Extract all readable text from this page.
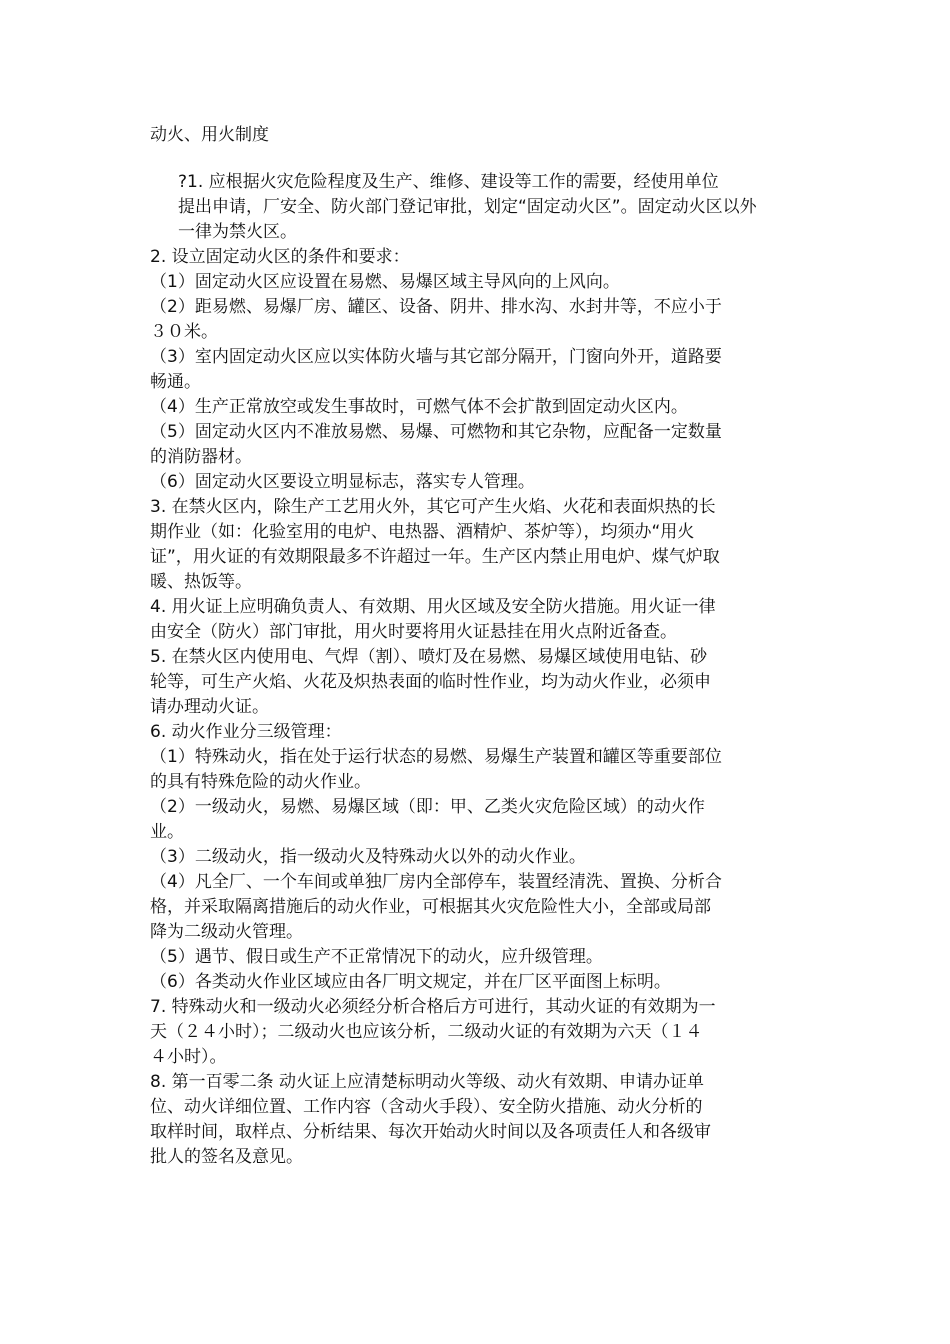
动火、用火制度

?1. 应根据火灾危险程度及生产、维修、建设等工作的需要，经使用单位
提出申请，厂安全、防火部门登记审批，划定“固定动火区”。固定动火区以外
一律为禁火区。

2. 设立固定动火区的条件和要求：

（1）固定动火区应设置在易燃、易爆区域主导风向的上风向。

（2）距易燃、易爆厂房、罐区、设备、阴井、排水沟、水封井等，不应小于
３０米。

（3）室内固定动火区应以实体防火墙与其它部分隔开，门窗向外开，道路要
畅通。

（4）生产正常放空或发生事故时，可燃气体不会扩散到固定动火区内。

（5）固定动火区内不准放易燃、易爆、可燃物和其它杂物，应配备一定数量
的消防器材。

（6）固定动火区要设立明显标志，落实专人管理。

3. 在禁火区内，除生产工艺用火外，其它可产生火焰、火花和表面炽热的长
期作业（如：化验室用的电炉、电热器、酒精炉、茶炉等），均须办“用火
证”，用火证的有效期限最多不许超过一年。生产区内禁止用电炉、煤气炉取
暖、热饭等。

4. 用火证上应明确负责人、有效期、用火区域及安全防火措施。用火证一律
由安全（防火）部门审批，用火时要将用火证悬挂在用火点附近备查。

5. 在禁火区内使用电、气焊（割）、喷灯及在易燃、易爆区域使用电钻、砂
轮等，可生产火焰、火花及炽热表面的临时性作业，均为动火作业，必须申
请办理动火证。

6. 动火作业分三级管理：

（1）特殊动火，指在处于运行状态的易燃、易爆生产装置和罐区等重要部位
的具有特殊危险的动火作业。

（2）一级动火，易燃、易爆区域（即：甲、乙类火灾危险区域）的动火作
业。

（3）二级动火，指一级动火及特殊动火以外的动火作业。

（4）凡全厂、一个车间或单独厂房内全部停车，装置经清洗、置换、分析合
格，并采取隔离措施后的动火作业，可根据其火灾危险性大小，全部或局部
降为二级动火管理。

（5）遇节、假日或生产不正常情况下的动火，应升级管理。

（6）各类动火作业区域应由各厂明文规定，并在厂区平面图上标明。

7. 特殊动火和一级动火必须经分析合格后方可进行，其动火证的有效期为一
天（２４小时）；二级动火也应该分析，二级动火证的有效期为六天（１４
４小时）。

8. 第一百零二条 动火证上应清楚标明动火等级、动火有效期、申请办证单
位、动火详细位置、工作内容（含动火手段）、安全防火措施、动火分析的
取样时间，取样点、分析结果、每次开始动火时间以及各项责任人和各级审
批人的签名及意见。
